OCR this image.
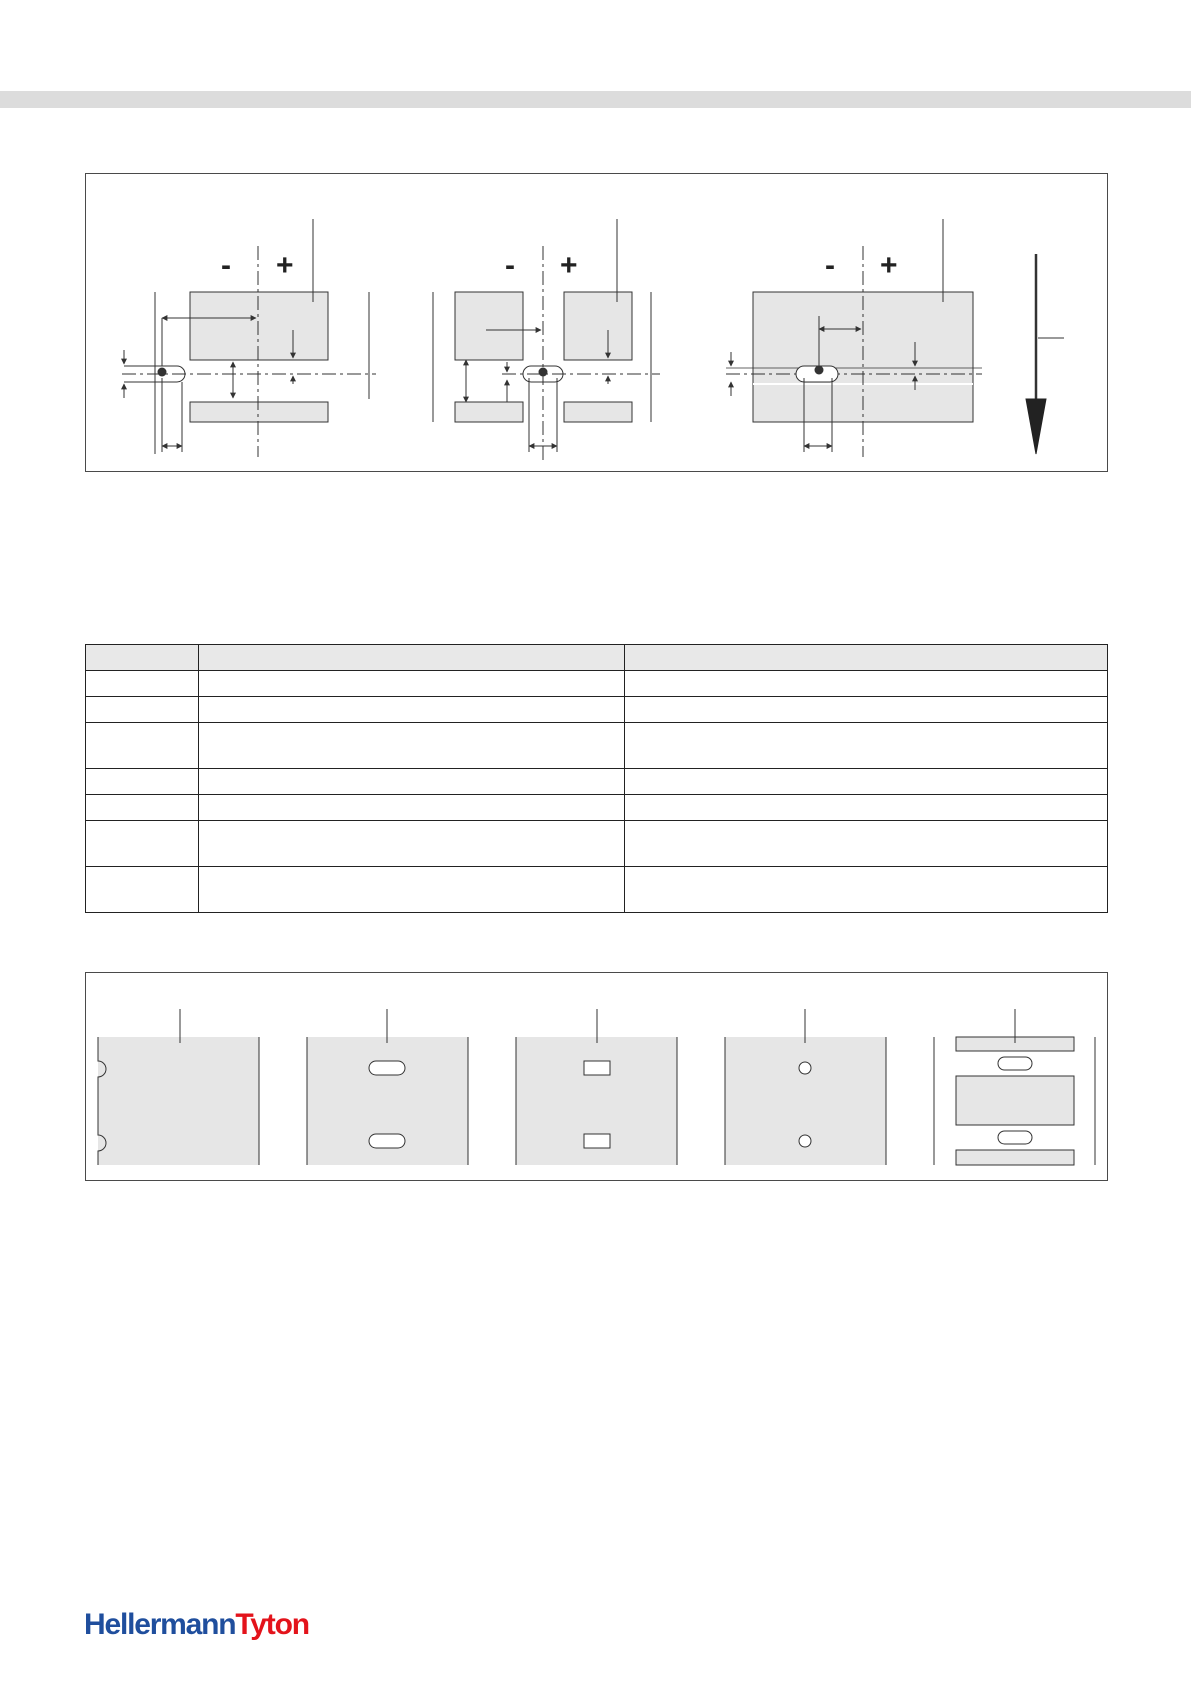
- +	- +	- +

HellermannTyton
